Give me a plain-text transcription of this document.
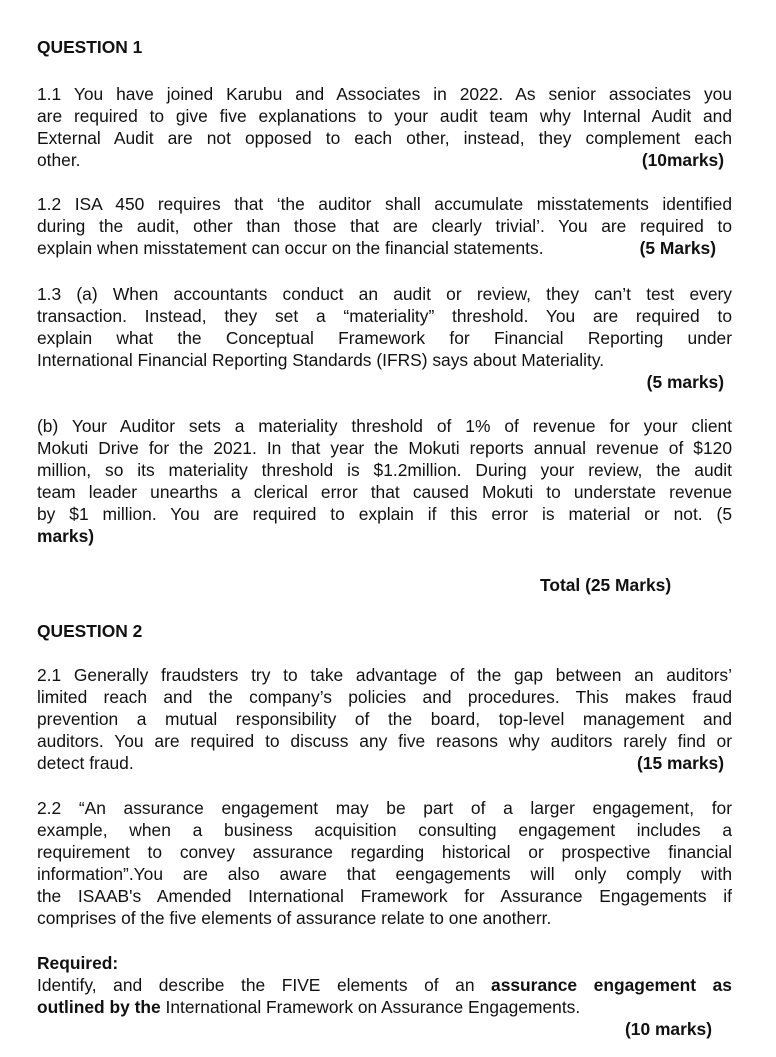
QUESTION 1
1.1 You have joined Karubu and Associates in 2022. As senior associates you
are required to give five explanations to your audit team why Internal Audit and
External Audit are not opposed to each other, instead, they complement each
other.	(10marks)
1.2 ISA 450 requires that ‘the auditor shall accumulate misstatements identified
during the audit, other than those that are clearly trivial’. You are required to
explain when misstatement can occur on the financial statements.	(5 Marks)
1.3 (a) When accountants conduct an audit or review, they can’t test every
transaction. Instead, they set a “materiality” threshold. You are required to
explain what the Conceptual Framework for Financial Reporting under
International Financial Reporting Standards (IFRS) says about Materiality.
(5 marks)
(b) Your Auditor sets a materiality threshold of 1% of revenue for your client
Mokuti Drive for the 2021. In that year the Mokuti reports annual revenue of $120
million, so its materiality threshold is $1.2million. During your review, the audit
team leader unearths a clerical error that caused Mokuti to understate revenue
by $1 million. You are required to explain if this error is material or not. (5
marks)
Total (25 Marks)
QUESTION 2
2.1 Generally fraudsters try to take advantage of the gap between an auditors’
limited reach and the company’s policies and procedures. This makes fraud
prevention a mutual responsibility of the board, top-level management and
auditors. You are required to discuss any five reasons why auditors rarely find or
detect fraud.	(15 marks)
2.2 “An assurance engagement may be part of a larger engagement, for
example, when a business acquisition consulting engagement includes a
requirement to convey assurance regarding historical or prospective financial
information”.You are also aware that eengagements will only comply with
the ISAAB's Amended International Framework for Assurance Engagements if
comprises of the five elements of assurance relate to one anotherr.
Required:
Identify, and describe the FIVE elements of an assurance engagement as
outlined by the International Framework on Assurance Engagements.
(10 marks)
